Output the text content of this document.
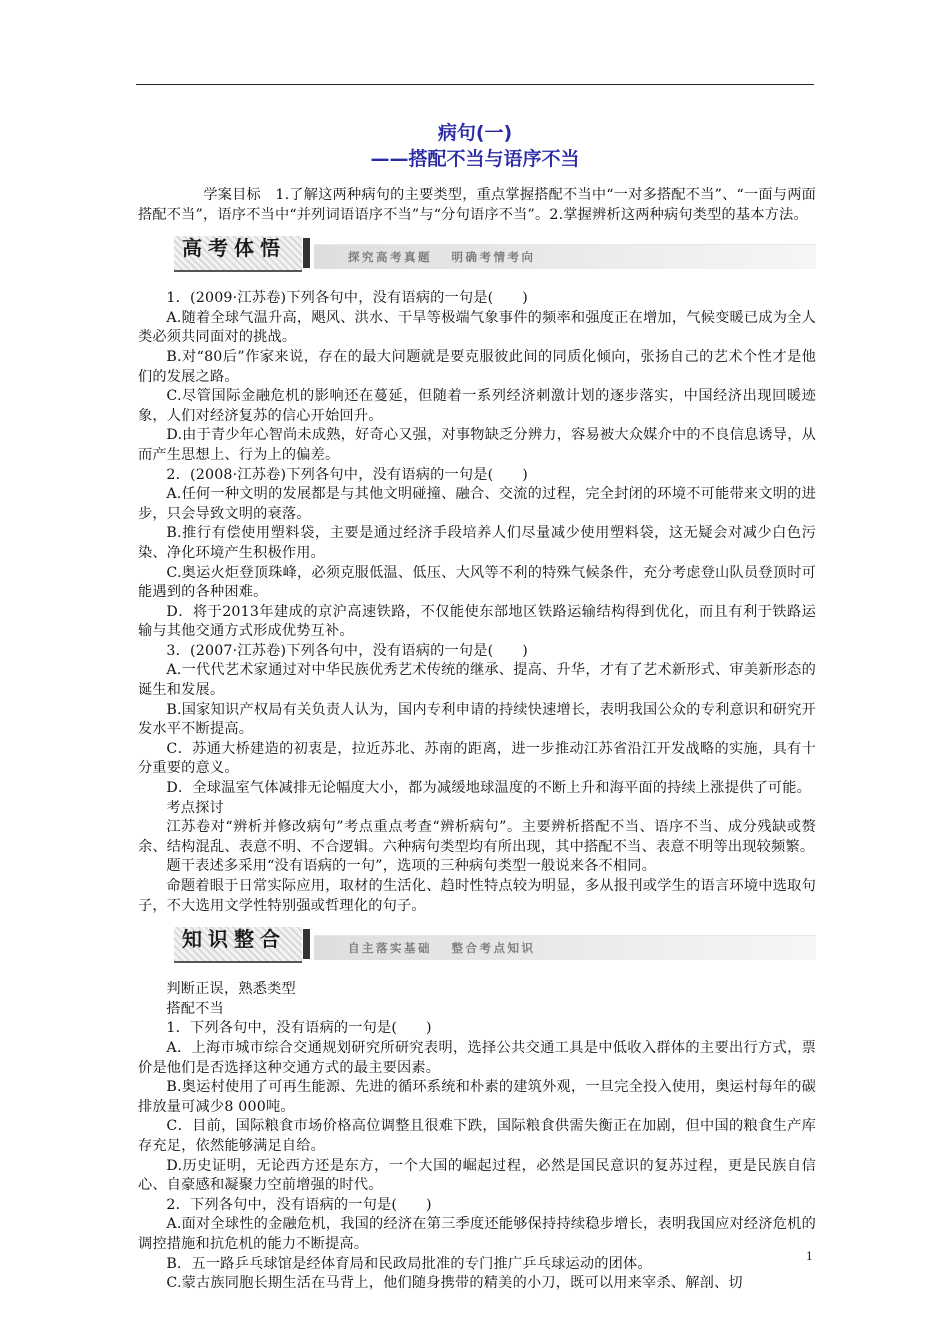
病句(一)
——搭配不当与语序不当

学案目标　1.了解这两种病句的主要类型，重点掌握搭配不当中“一对多搭配不当”、“一面与两面搭配不当”，语序不当中“并列词语语序不当”与“分句语序不当”。2.掌握辨析这两种病句类型的基本方法。

高考体悟	探究高考真题   明确考情考向

1．(2009·江苏卷)下列各句中，没有语病的一句是(　　)

A.随着全球气温升高，飓风、洪水、干旱等极端气象事件的频率和强度正在增加，气候变暖已成为全人类必须共同面对的挑战。

B.对“80后”作家来说，存在的最大问题就是要克服彼此间的同质化倾向，张扬自己的艺术个性才是他们的发展之路。

C.尽管国际金融危机的影响还在蔓延，但随着一系列经济刺激计划的逐步落实，中国经济出现回暖迹象，人们对经济复苏的信心开始回升。

D.由于青少年心智尚未成熟，好奇心又强，对事物缺乏分辨力，容易被大众媒介中的不良信息诱导，从而产生思想上、行为上的偏差。

2．(2008·江苏卷)下列各句中，没有语病的一句是(　　)

A.任何一种文明的发展都是与其他文明碰撞、融合、交流的过程，完全封闭的环境不可能带来文明的进步，只会导致文明的衰落。

B.推行有偿使用塑料袋，主要是通过经济手段培养人们尽量减少使用塑料袋，这无疑会对减少白色污染、净化环境产生积极作用。

C.奥运火炬登顶珠峰，必须克服低温、低压、大风等不利的特殊气候条件，充分考虑登山队员登顶时可能遇到的各种困难。

D．将于2013年建成的京沪高速铁路，不仅能使东部地区铁路运输结构得到优化，而且有利于铁路运输与其他交通方式形成优势互补。

3．(2007·江苏卷)下列各句中，没有语病的一句是(　　)

A.一代代艺术家通过对中华民族优秀艺术传统的继承、提高、升华，才有了艺术新形式、审美新形态的诞生和发展。

B.国家知识产权局有关负责人认为，国内专利申请的持续快速增长，表明我国公众的专利意识和研究开发水平不断提高。

C．苏通大桥建造的初衷是，拉近苏北、苏南的距离，进一步推动江苏省沿江开发战略的实施，具有十分重要的意义。

D．全球温室气体减排无论幅度大小，都为减缓地球温度的不断上升和海平面的持续上涨提供了可能。

考点探讨

江苏卷对“辨析并修改病句”考点重点考查“辨析病句”。主要辨析搭配不当、语序不当、成分残缺或赘余、结构混乱、表意不明、不合逻辑。六种病句类型均有所出现，其中搭配不当、表意不明等出现较频繁。

题干表述多采用“没有语病的一句”，选项的三种病句类型一般说来各不相同。

命题着眼于日常实际应用，取材的生活化、趋时性特点较为明显，多从报刊或学生的语言环境中选取句子，不大选用文学性特别强或哲理化的句子。

知识整合	自主落实基础   整合考点知识

判断正误，熟悉类型

搭配不当

1．下列各句中，没有语病的一句是(　　)

A．上海市城市综合交通规划研究所研究表明，选择公共交通工具是中低收入群体的主要出行方式，票价是他们是否选择这种交通方式的最主要因素。

B.奥运村使用了可再生能源、先进的循环系统和朴素的建筑外观，一旦完全投入使用，奥运村每年的碳排放量可减少8 000吨。

C．目前，国际粮食市场价格高位调整且很难下跌，国际粮食供需失衡正在加剧，但中国的粮食生产库存充足，依然能够满足自给。

D.历史证明，无论西方还是东方，一个大国的崛起过程，必然是国民意识的复苏过程，更是民族自信心、自豪感和凝聚力空前增强的时代。

2．下列各句中，没有语病的一句是(　　)

A.面对全球性的金融危机，我国的经济在第三季度还能够保持持续稳步增长，表明我国应对经济危机的调控措施和抗危机的能力不断提高。

B．五一路乒乓球馆是经体育局和民政局批准的专门推广乒乓球运动的团体。

C.蒙古族同胞长期生活在马背上，他们随身携带的精美的小刀，既可以用来宰杀、解剖、切

1
